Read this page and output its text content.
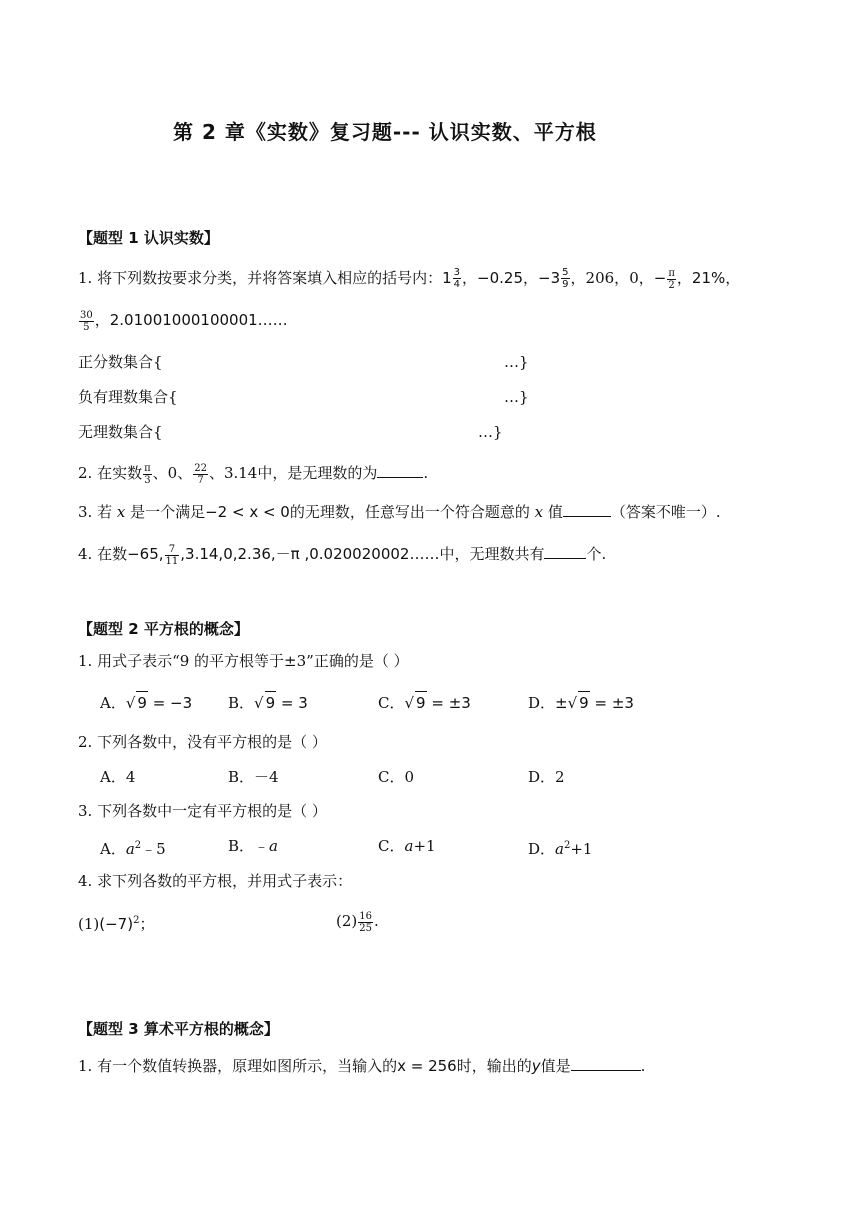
第 2 章《实数》复习题--- 认识实数、平方根
【题型 1 认识实数】
1. 将下列数按要求分类，并将答案填入相应的括号内：$1 \frac{3}{4}$ ，−0.25，$-3 \frac{5}{9}$ ，206，0，− $\frac{\pi}{2}$ ，21%，
$\frac{30}{5}$ ，2.01001000100001……
正分数集合{	…}
负有理数集合{	…}
无理数集合{	…}
2. 在实数 $\frac{\pi}{3}$ 、0、 $\frac{22}{7}$ 、3.14中，是无理数的为	.
3. 若 x 是一个满足−2 < x < 0的无理数，任意写出一个符合题意的 x 值	（答案不唯一）.
4. 在数−65, $\frac{7}{11} ,3.14,0,2.36,-\pi$ ,0.020020002……中，无理数共有	个.
【题型 2 平方根的概念】
1. 用式子表示“9 的平方根等于±3”正确的是（ ）
A．√ 9 = −3 B．√ 9 = 3	C．√ 9 = ±3	D．±√ 9 = ±3
2. 下列各数中，没有平方根的是（ ）
A．4	B．－4	C．0	D．2
3. 下列各数中一定有平方根的是（ ）
A．$a^2﹣5$	B．﹣a	C．a+1	D．$a^2+1$
4. 求下列各数的平方根，并用式子表示：
$(1)(-7)^2$；	$(2) \frac{16}{25}$ .
【题型 3 算术平方根的概念】
1. 有一个数值转换器，原理如图所示，当输入的x = 256时，输出的y值是	.
